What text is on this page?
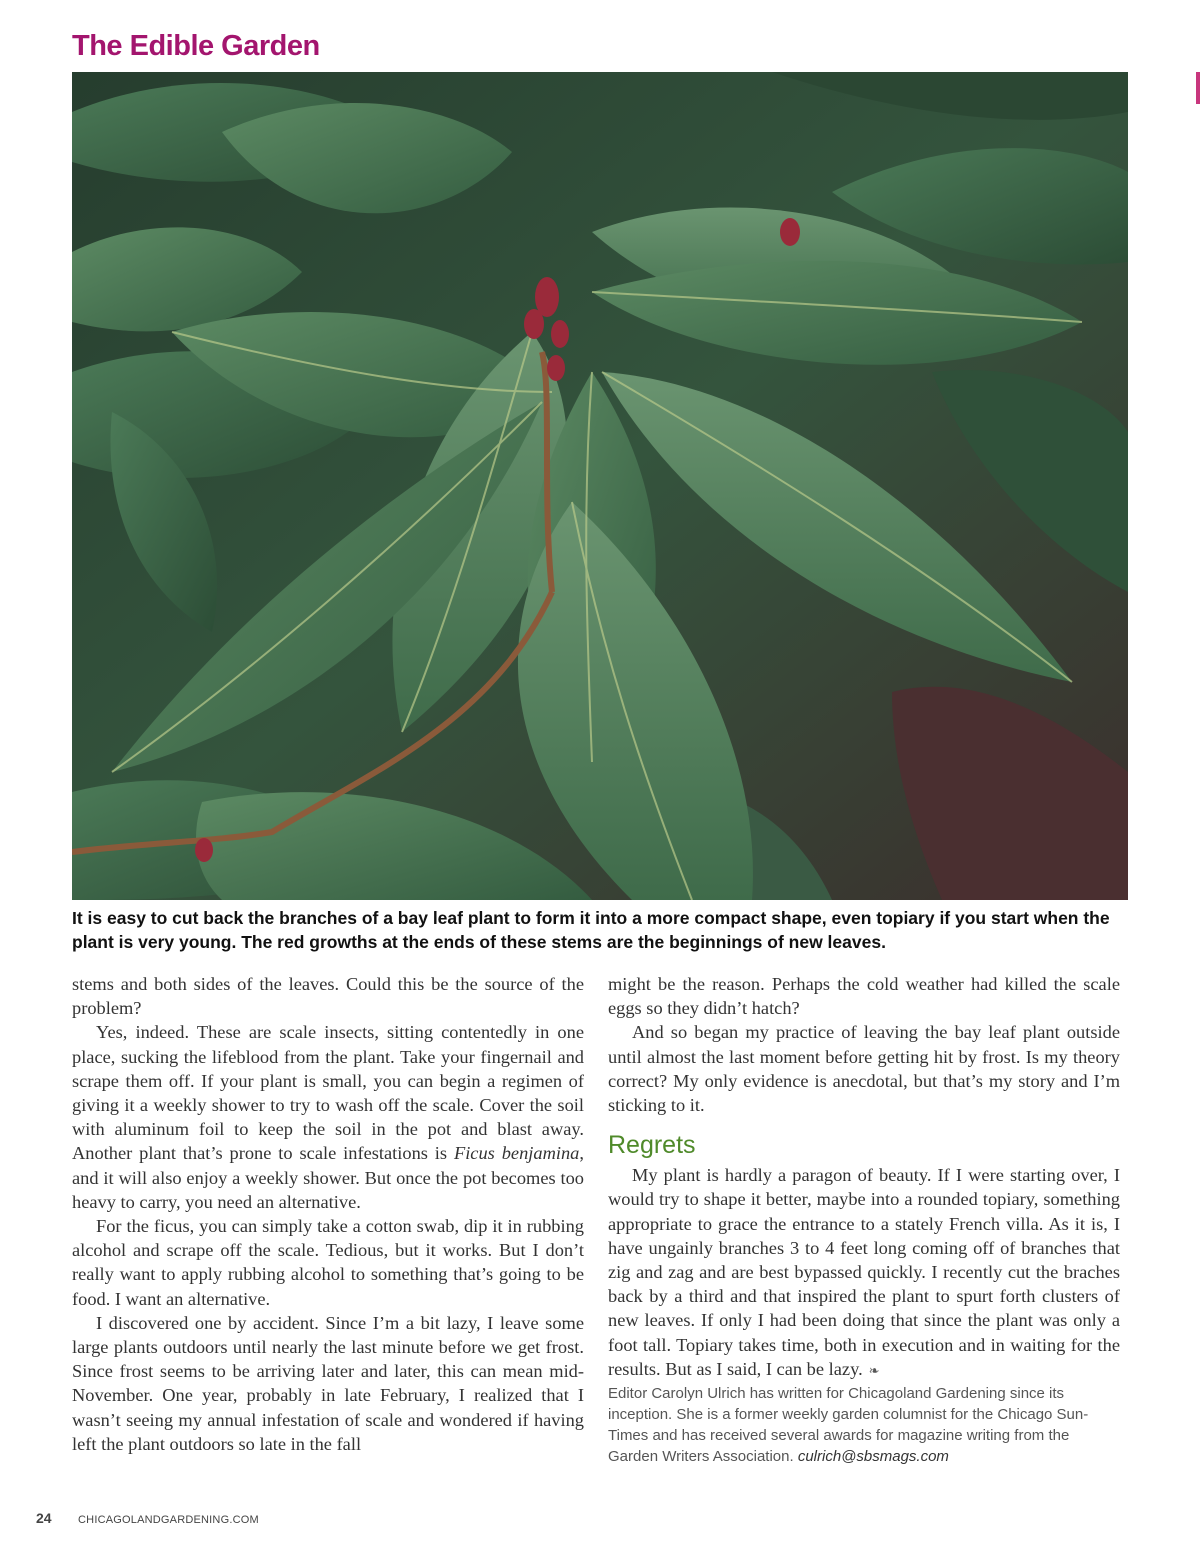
The Edible Garden
It is easy to cut back the branches of a bay leaf plant to form it into a more compact shape, even topiary if you start when the plant is very young. The red growths at the ends of these stems are the beginnings of new leaves.

stems and both sides of the leaves. Could this be the source of the problem?

Yes, indeed. These are scale insects, sitting contentedly in one place, sucking the lifeblood from the plant. Take your fingernail and scrape them off. If your plant is small, you can begin a regimen of giving it a weekly shower to try to wash off the scale. Cover the soil with aluminum foil to keep the soil in the pot and blast away. Another plant that’s prone to scale infestations is Ficus benjamina, and it will also enjoy a weekly shower. But once the pot becomes too heavy to carry, you need an alternative.

For the ficus, you can simply take a cotton swab, dip it in rubbing alcohol and scrape off the scale. Tedious, but it works. But I don’t really want to apply rubbing alcohol to something that’s going to be food. I want an alternative.

I discovered one by accident. Since I’m a bit lazy, I leave some large plants outdoors until nearly the last minute before we get frost. Since frost seems to be arriving later and later, this can mean mid-November. One year, probably in late February, I realized that I wasn’t seeing my annual infestation of scale and wondered if having left the plant outdoors so late in the fall

might be the reason. Perhaps the cold weather had killed the scale eggs so they didn’t hatch?

And so began my practice of leaving the bay leaf plant outside until almost the last moment before getting hit by frost. Is my theory correct? My only evidence is anecdotal, but that’s my story and I’m sticking to it.

Regrets

My plant is hardly a paragon of beauty. If I were starting over, I would try to shape it better, maybe into a rounded topiary, something appropriate to grace the entrance to a stately French villa. As it is, I have ungainly branches 3 to 4 feet long coming off of branches that zig and zag and are best bypassed quickly. I recently cut the braches back by a third and that inspired the plant to spurt forth clusters of new leaves. If only I had been doing that since the plant was only a foot tall. Topiary takes time, both in execution and in waiting for the results. But as I said, I can be lazy. ❧

Editor Carolyn Ulrich has written for Chicagoland Gardening since its inception. She is a former weekly garden columnist for the Chicago Sun-Times and has received several awards for magazine writing from the Garden Writers Association. culrich@sbsmags.com

24 CHICAGOLANDGARDENING.COM
